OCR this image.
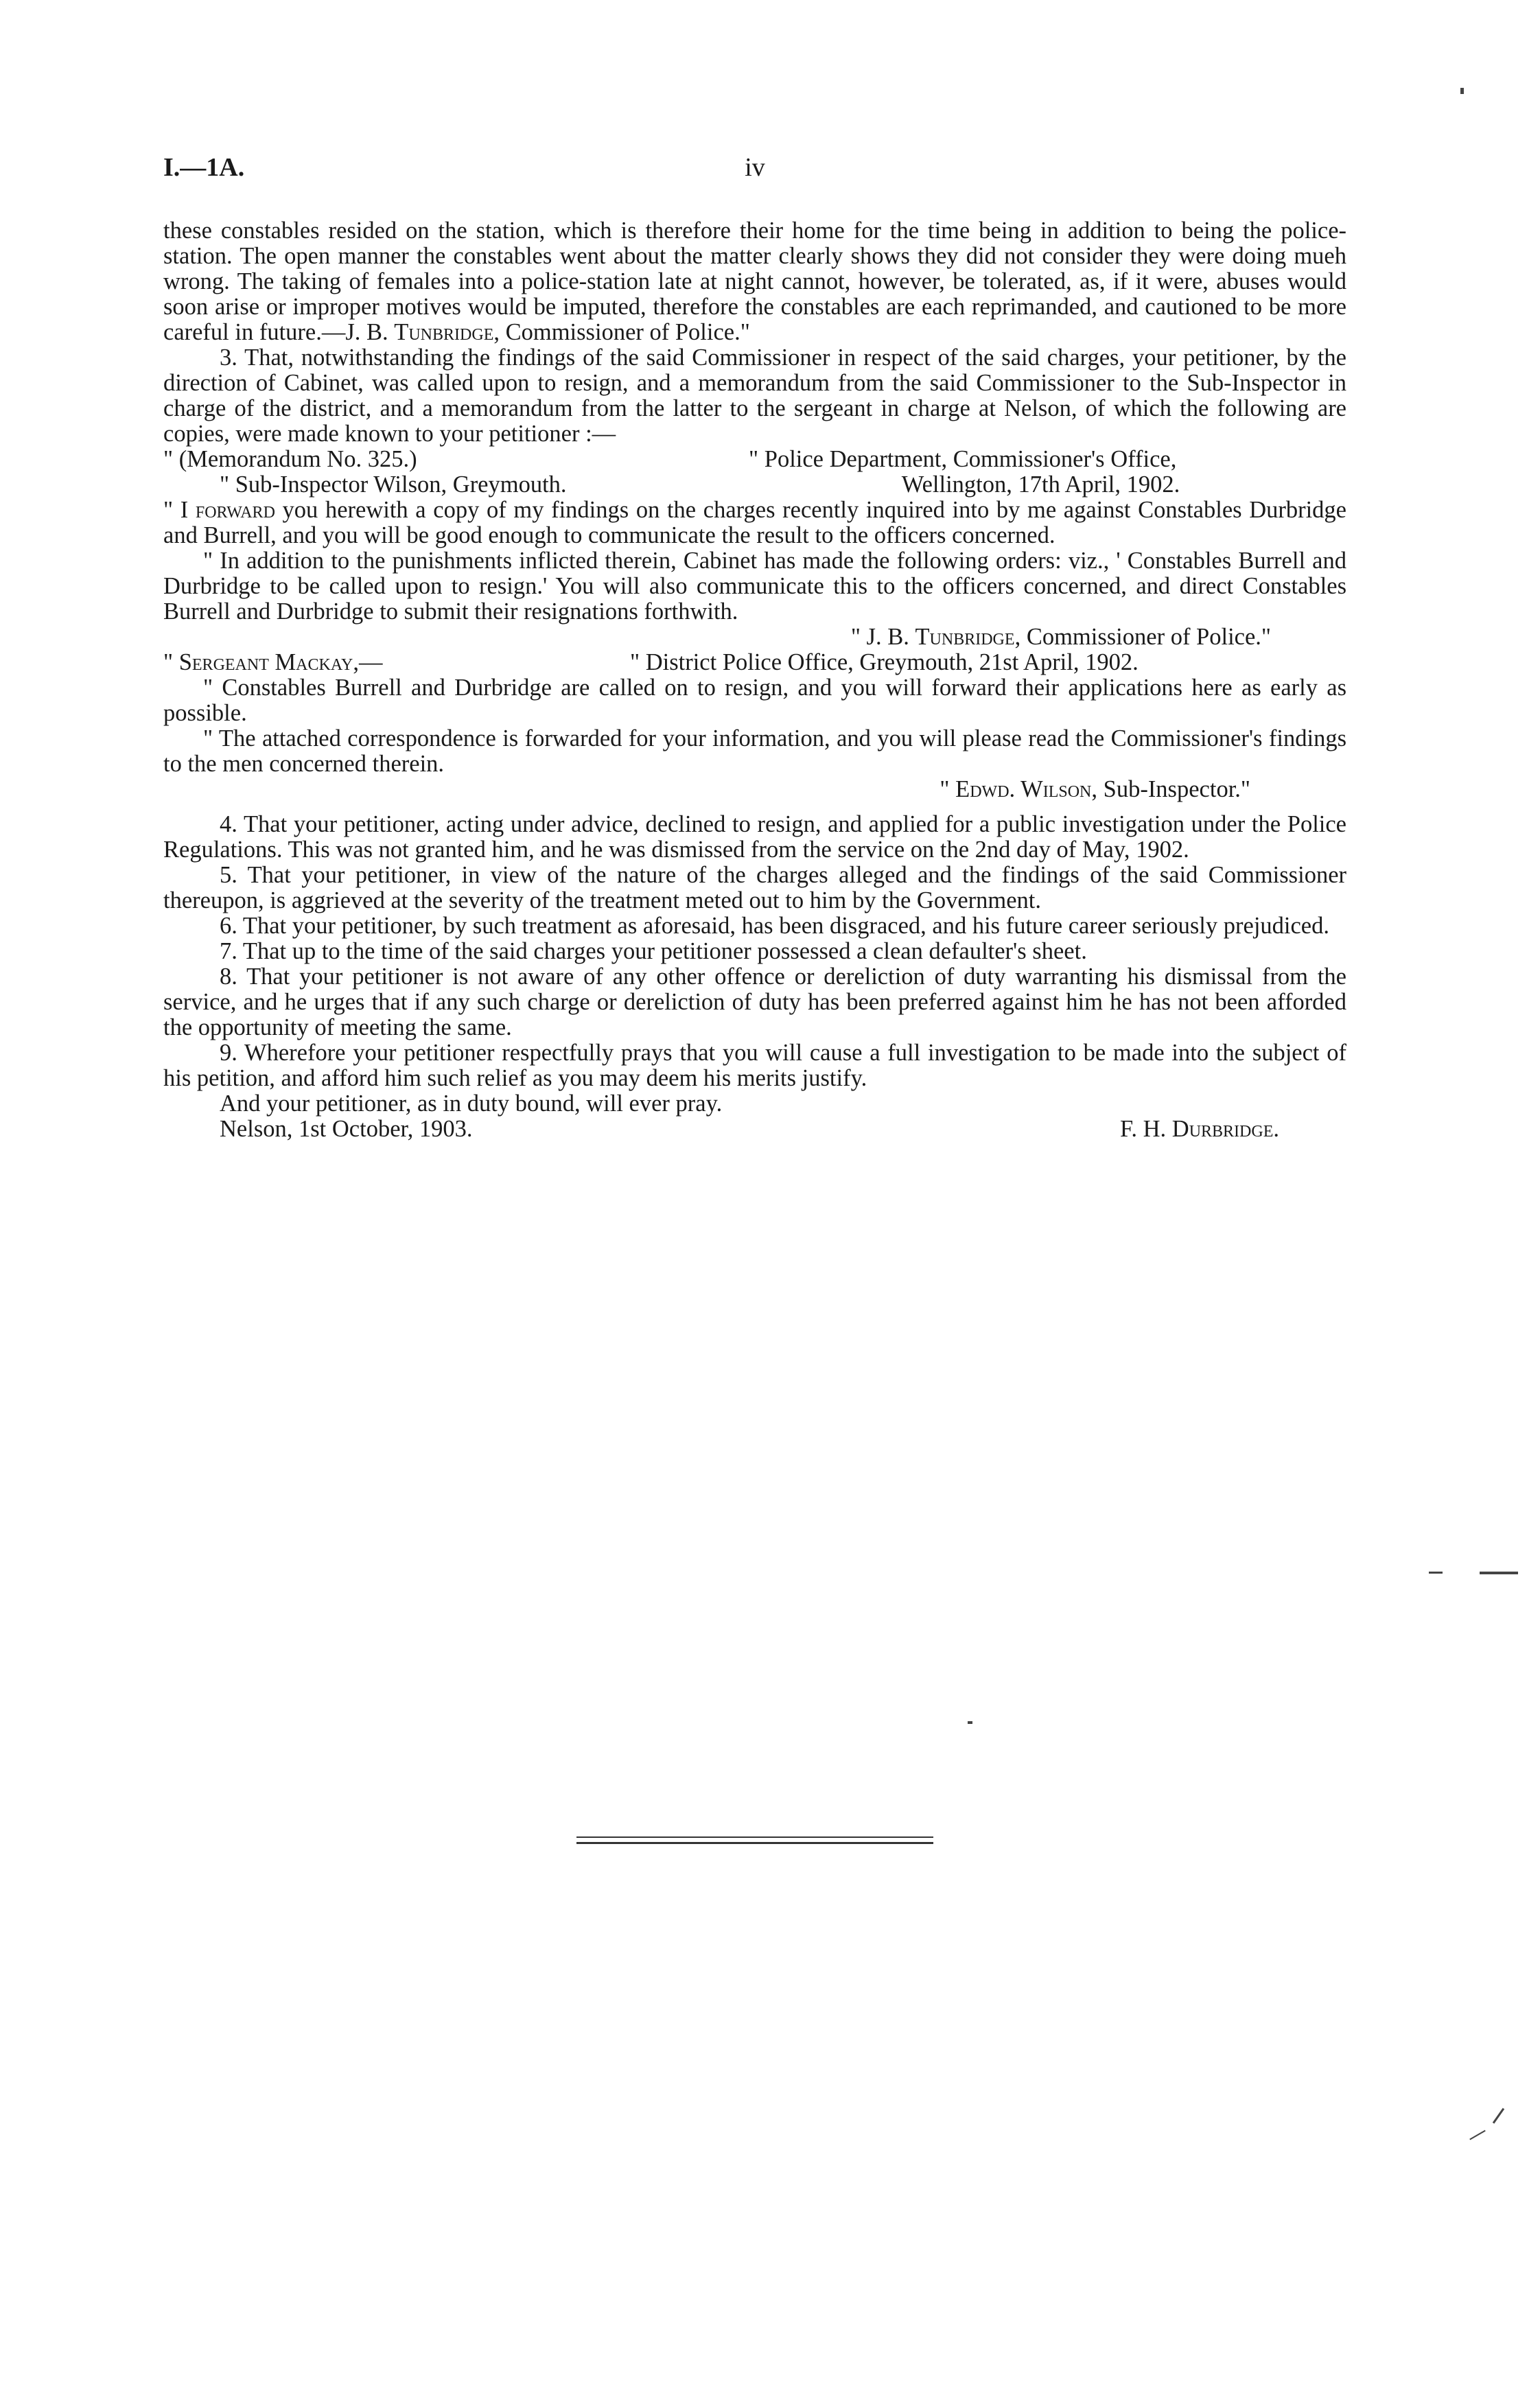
I.—1A.	iv

these constables resided on the station, which is therefore their home for the time being in addition to being the police-station. The open manner the constables went about the matter clearly shows they did not consider they were doing mueh wrong. The taking of females into a police-station late at night cannot, however, be tolerated, as, if it were, abuses would soon arise or improper motives would be imputed, therefore the constables are each reprimanded, and cautioned to be more careful in future.—J. B. Tunbridge, Commissioner of Police."

3. That, notwithstanding the findings of the said Commissioner in respect of the said charges, your petitioner, by the direction of Cabinet, was called upon to resign, and a memorandum from the said Commissioner to the Sub-Inspector in charge of the district, and a memorandum from the latter to the sergeant in charge at Nelson, of which the following are copies, were made known to your petitioner :—

" (Memorandum No. 325.)	" Police Department, Commissioner's Office,
" Sub-Inspector Wilson, Greymouth.	Wellington, 17th April, 1902.

" I forward you herewith a copy of my findings on the charges recently inquired into by me against Constables Durbridge and Burrell, and you will be good enough to communicate the result to the officers concerned.

" In addition to the punishments inflicted therein, Cabinet has made the following orders: viz., ' Constables Burrell and Durbridge to be called upon to resign.' You will also communicate this to the officers concerned, and direct Constables Burrell and Durbridge to submit their resignations forthwith.

" J. B. Tunbridge, Commissioner of Police."
" Sergeant Mackay,—	" District Police Office, Greymouth, 21st April, 1902.

" Constables Burrell and Durbridge are called on to resign, and you will forward their applications here as early as possible.

" The attached correspondence is forwarded for your information, and you will please read the Commissioner's findings to the men concerned therein.

" Edwd. Wilson, Sub-Inspector."

4. That your petitioner, acting under advice, declined to resign, and applied for a public investigation under the Police Regulations. This was not granted him, and he was dismissed from the service on the 2nd day of May, 1902.

5. That your petitioner, in view of the nature of the charges alleged and the findings of the said Commissioner thereupon, is aggrieved at the severity of the treatment meted out to him by the Government.

6. That your petitioner, by such treatment as aforesaid, has been disgraced, and his future career seriously prejudiced.

7. That up to the time of the said charges your petitioner possessed a clean defaulter's sheet.

8. That your petitioner is not aware of any other offence or dereliction of duty warranting his dismissal from the service, and he urges that if any such charge or dereliction of duty has been preferred against him he has not been afforded the opportunity of meeting the same.

9. Wherefore your petitioner respectfully prays that you will cause a full investigation to be made into the subject of his petition, and afford him such relief as you may deem his merits justify.

And your petitioner, as in duty bound, will ever pray.

Nelson, 1st October, 1903.	F. H. Durbridge.
